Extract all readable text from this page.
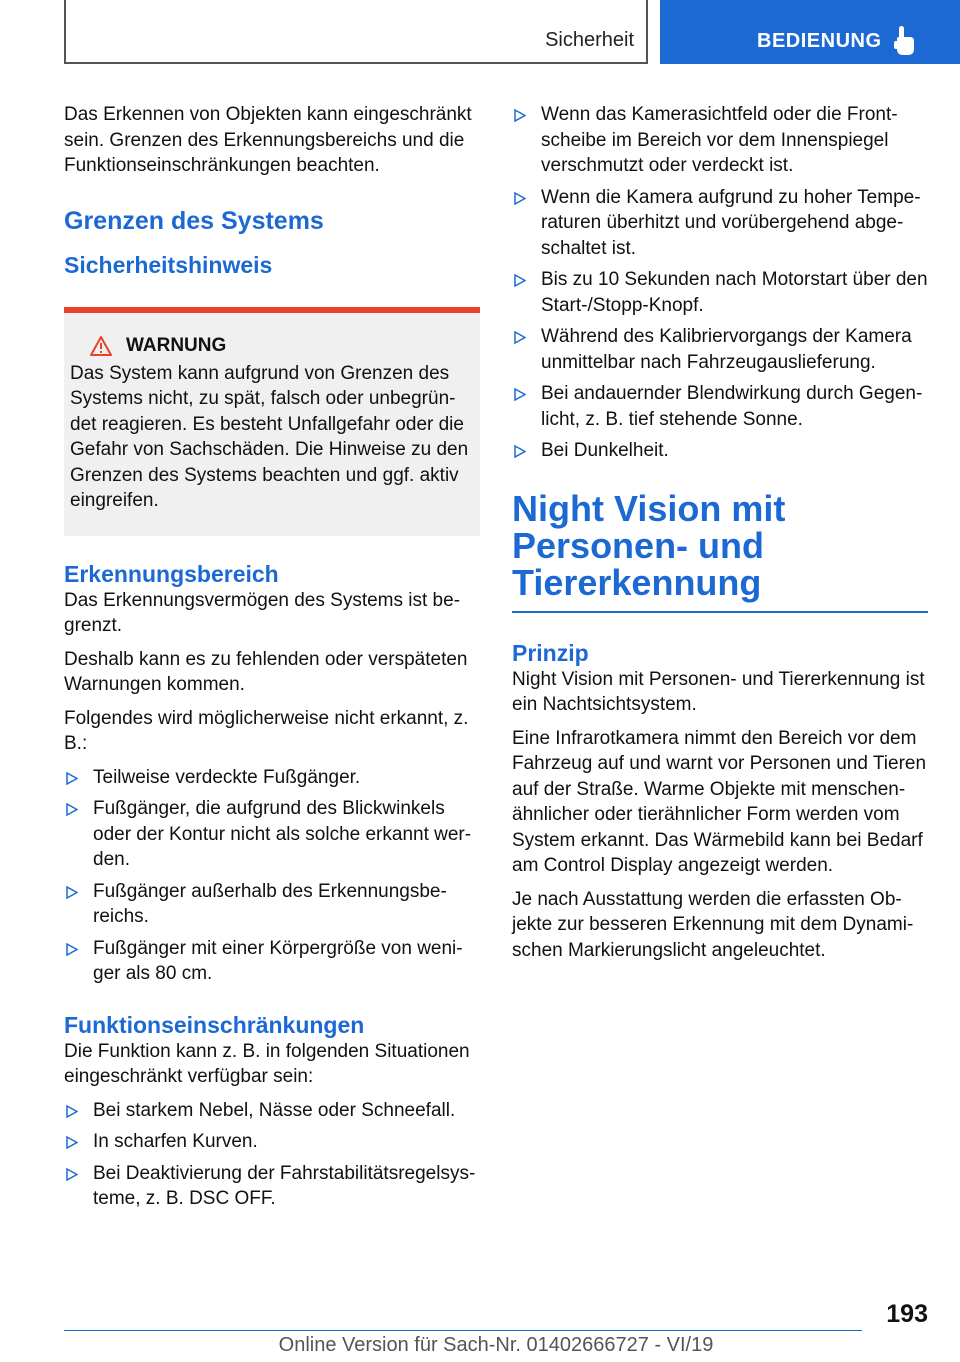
Sicherheit	BEDIENUNG

Das Erkennen von Objekten kann eingeschränkt sein. Grenzen des Erkennungsbereichs und die Funktionseinschränkungen beachten.

Grenzen des Systems
Sicherheitshinweis
WARNUNG

Das System kann aufgrund von Grenzen des Systems nicht, zu spät, falsch oder unbegründet reagieren. Es besteht Unfallgefahr oder die Gefahr von Sachschäden. Die Hinweise zu den Grenzen des Systems beachten und ggf. aktiv eingreifen.

Erkennungsbereich

Das Erkennungsvermögen des Systems ist begrenzt.

Deshalb kann es zu fehlenden oder verspäteten Warnungen kommen.

Folgendes wird möglicherweise nicht erkannt, z. B.:

Teilweise verdeckte Fußgänger.
Fußgänger, die aufgrund des Blickwinkels oder der Kontur nicht als solche erkannt werden.
Fußgänger außerhalb des Erkennungsbereichs.
Fußgänger mit einer Körpergröße von weniger als 80 cm.
Funktionseinschränkungen

Die Funktion kann z. B. in folgenden Situationen eingeschränkt verfügbar sein:

Bei starkem Nebel, Nässe oder Schneefall.
In scharfen Kurven.
Bei Deaktivierung der Fahrstabilitätsregelsysteme, z. B. DSC OFF.
Wenn das Kamerasichtfeld oder die Frontscheibe im Bereich vor dem Innenspiegel verschmutzt oder verdeckt ist.
Wenn die Kamera aufgrund zu hoher Temperaturen überhitzt und vorübergehend abgeschaltet ist.
Bis zu 10 Sekunden nach Motorstart über den Start-/Stopp-Knopf.
Während des Kalibriervorgangs der Kamera unmittelbar nach Fahrzeugauslieferung.
Bei andauernder Blendwirkung durch Gegenlicht, z. B. tief stehende Sonne.
Bei Dunkelheit.
Night Vision mit Personen- und Tiererkennung
Prinzip

Night Vision mit Personen- und Tiererkennung ist ein Nachtsichtsystem.

Eine Infrarotkamera nimmt den Bereich vor dem Fahrzeug auf und warnt vor Personen und Tieren auf der Straße. Warme Objekte mit menschenähnlicher oder tierähnlicher Form werden vom System erkannt. Das Wärmebild kann bei Bedarf am Control Display angezeigt werden.

Je nach Ausstattung werden die erfassten Objekte zur besseren Erkennung mit dem Dynamischen Markierungslicht angeleuchtet.

193
Online Version für Sach-Nr. 01402666727 - VI/19
